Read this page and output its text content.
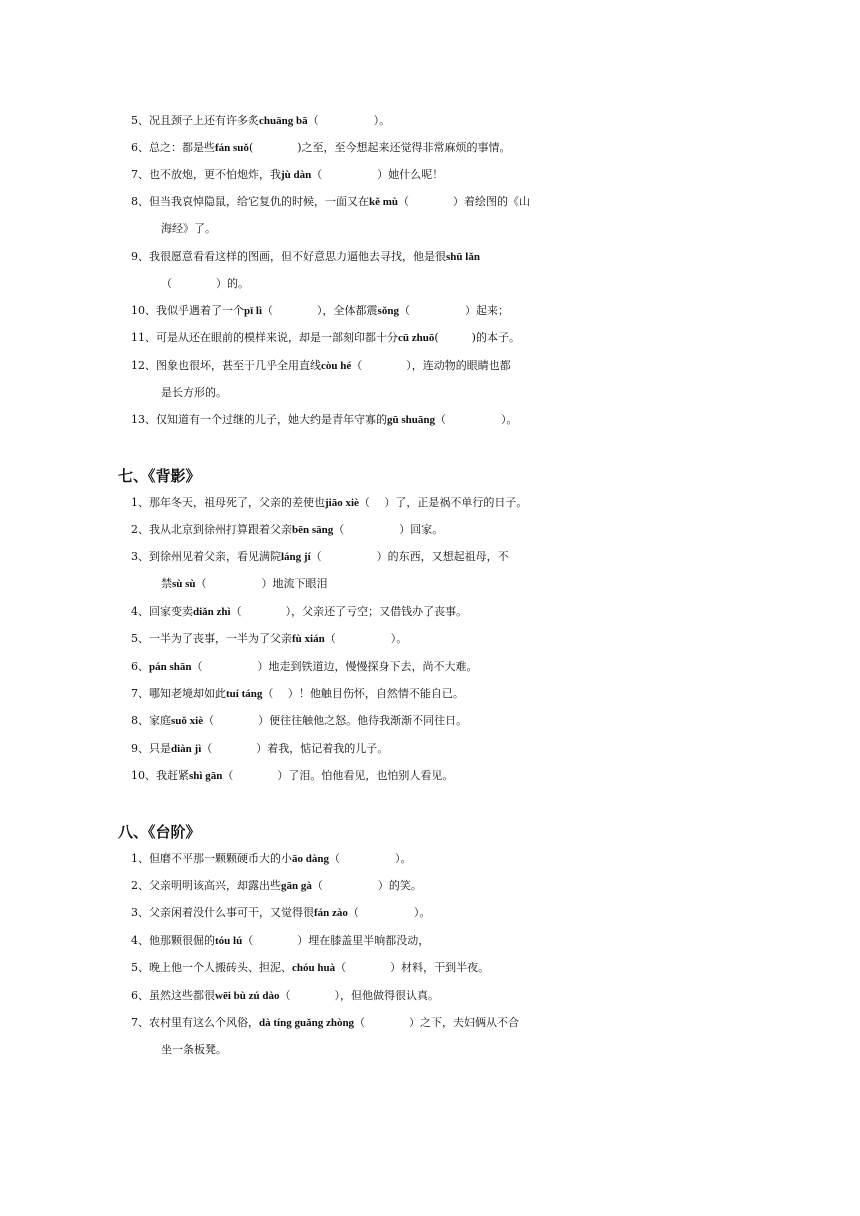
5、况且颈子上还有许多炙chuāng bā（　　　　　）。
6、总之：都是些fán suǒ(　　　　)之至，至今想起来还觉得非常麻烦的事情。
7、也不放炮，更不怕炮炸，我jù dàn（　　　　　）她什么呢！
8、但当我哀悼隐鼠，给它复仇的时候，一面又在kě mù（　　　　）着绘图的《山
海经》了。
9、我很愿意看看这样的图画，但不好意思力逼他去寻找，他是很shū lǎn
（　　　　）的。
10、我似乎遇着了一个pī lì（　　　　），全体都震sǒng（　　　　　）起来；
11、可是从还在眼前的模样来说，却是一部刻印都十分cū zhuō(　　　)的本子。
12、图象也很坏，甚至于几乎全用直线còu hé（　　　　），连动物的眼睛也都
是长方形的。
13、仅知道有一个过继的儿子，她大约是青年守寡的gū shuāng（　　　　　）。
七、《背影》
1、那年冬天，祖母死了，父亲的差使也jiāo xiè（　 ）了，正是祸不单行的日子。
2、我从北京到徐州打算跟着父亲bēn sāng（　　　　　）回家。
3、到徐州见着父亲，看见满院láng jí（　　　　　）的东西，又想起祖母，不
禁sù sù（　　　　　）地流下眼泪
4、回家变卖diǎn zhì（　　　　），父亲还了亏空；又借钱办了丧事。
5、一半为了丧事，一半为了父亲fù xián（　　　　　）。
6、pán shān（　　　　　）地走到铁道边，慢慢探身下去，尚不大难。
7、哪知老境却如此tuí táng（　 ）！他触目伤怀，自然情不能自已。
8、家庭suǒ xiè（　　　　）便往往触他之怒。他待我渐渐不同往日。
9、只是diàn jì（　　　　）着我，惦记着我的儿子。
10、我赶紧shì gān（　　　　）了泪。怕他看见，也怕别人看见。
八、《台阶》
1、但磨不平那一颗颗硬币大的小āo dàng（　　　　　）。
2、父亲明明该高兴，却露出些gān gà（　　　　　）的笑。
3、父亲闲着没什么事可干，又觉得很fán zào（　　　　　）。
4、他那颗很倔的tóu lú（　　　　）埋在膝盖里半晌都没动，
5、晚上他一个人搬砖头、担泥、chóu huà（　　　　）材料，干到半夜。
6、虽然这些都很wēi bù zú dào（　　　　），但他做得很认真。
7、农村里有这么个风俗，dà tíng guǎng zhòng（　　　　）之下，夫妇俩从不合
坐一条板凳。
